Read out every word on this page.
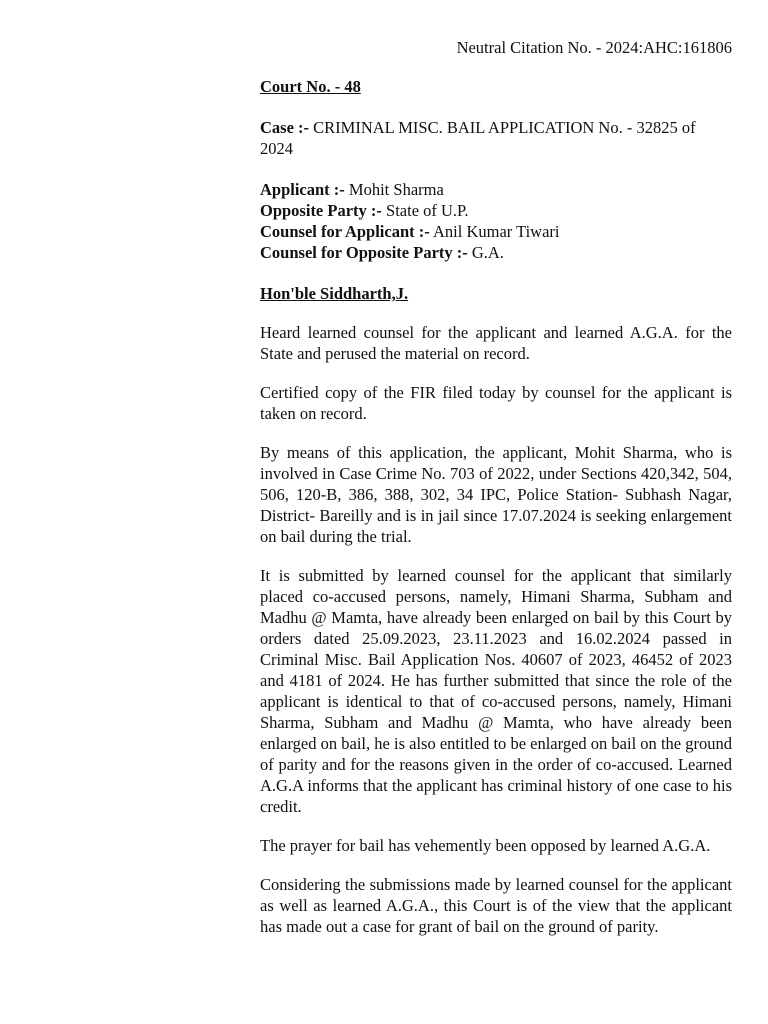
Neutral Citation No. - 2024:AHC:161806
Court No. - 48
Case :- CRIMINAL MISC. BAIL APPLICATION No. - 32825 of 2024
Applicant :- Mohit Sharma
Opposite Party :- State of U.P.
Counsel for Applicant :- Anil Kumar Tiwari
Counsel for Opposite Party :- G.A.
Hon'ble Siddharth,J.

Heard learned counsel for the applicant and learned A.G.A. for the State and perused the material on record.

Certified copy of the FIR filed today by counsel for the applicant is taken on record.

By means of this application, the applicant, Mohit Sharma, who is involved in Case Crime No. 703 of 2022, under Sections 420,342, 504, 506, 120-B, 386, 388, 302, 34 IPC, Police Station- Subhash Nagar, District- Bareilly and is in jail since 17.07.2024 is seeking enlargement on bail during the trial.

It is submitted by learned counsel for the applicant that similarly placed co-accused persons, namely, Himani Sharma, Subham and Madhu @ Mamta, have already been enlarged on bail by this Court by orders dated 25.09.2023, 23.11.2023 and 16.02.2024 passed in Criminal Misc. Bail Application Nos. 40607 of 2023, 46452 of 2023 and 4181 of 2024. He has further submitted that since the role of the applicant is identical to that of co-accused persons, namely, Himani Sharma, Subham and Madhu @ Mamta, who have already been enlarged on bail, he is also entitled to be enlarged on bail on the ground of parity and for the reasons given in the order of co-accused. Learned A.G.A informs that the applicant has criminal history of one case to his credit.

The prayer for bail has vehemently been opposed by learned A.G.A.

Considering the submissions made by learned counsel for the applicant as well as learned A.G.A., this Court is of the view that the applicant has made out a case for grant of bail on the ground of parity.
